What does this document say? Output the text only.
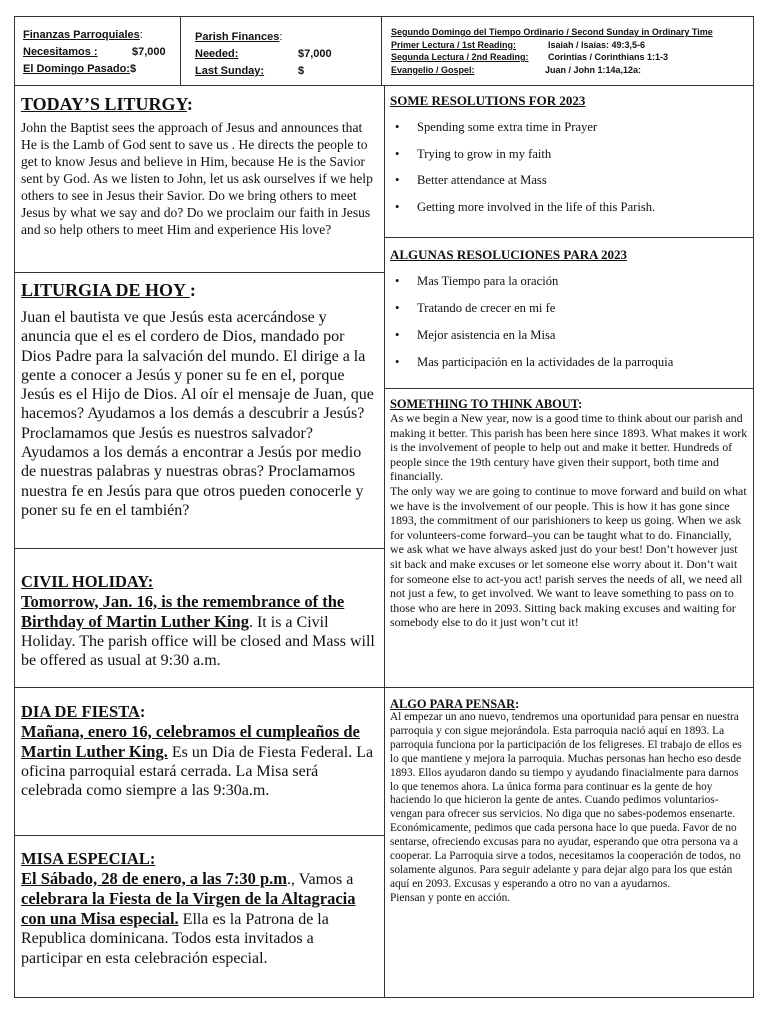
Finanzas Parroquiales:
Necesitamos :	$7,000
El Domingo Pasado: $
Parish Finances:
Needed:	$7,000
Last Sunday:	$
Segundo Domingo del Tiempo Ordinario / Second Sunday in Ordinary Time
Primer Lectura / 1st Reading:	Isaiah / Isaías: 49:3,5-6
Segunda Lectura / 2nd Reading: Corintias / Corinthians 1:1-3
Evangelio / Gospel:	Juan / John 1:14a,12a:
TODAY’S LITURGY:
John the Baptist sees the approach of Jesus and announces that He is the Lamb of God sent to save us . He directs the people to get to know Jesus and believe in Him, because He is the Savior sent by God. As we listen to John, let us ask ourselves if we help others to see in Jesus their Savior. Do we bring others to meet Jesus by what we say and do? Do we proclaim our faith in Jesus and so help others to meet Him and experience His love?
LITURGIA DE HOY :
Juan el bautista ve que Jesús esta acercándose y anuncia que el es el cordero de Dios, mandado por Dios Padre para la salvación del mundo. El dirige a la gente a conocer a Jesús y poner su fe en el, porque Jesús es el Hijo de Dios. Al oír el mensaje de Juan, que hacemos? Ayudamos a los demás a descubrir a Jesús? Proclamamos que Jesús es nuestros salvador? Ayudamos a los demás a encontrar a Jesús por medio de nuestras palabras y nuestras obras? Proclamamos nuestra fe en Jesús para que otros pueden conocerle y poner su fe en el también?
CIVIL HOLIDAY:
Tomorrow, Jan. 16, is the remembrance of the Birthday of Martin Luther King. It is a Civil Holiday. The parish office will be closed and Mass will be offered as usual at 9:30 a.m.
DIA DE FIESTA:
Mañana, enero 16, celebramos el cumpleaños de Martin Luther King. Es un Dia de Fiesta Federal. La oficina parroquial estará cerrada. La Misa será celebrada como siempre a las 9:30a.m.
MISA ESPECIAL:
El Sábado, 28 de enero, a las 7:30 p.m., Vamos a celebrara la Fiesta de la Virgen de la Altagracia con una Misa especial. Ella es la Patrona de la Republica dominicana. Todos esta invitados a participar en esta celebración especial.
SOME RESOLUTIONS FOR 2023
• Spending some extra time in Prayer
• Trying to grow in my faith
• Better attendance at Mass
• Getting more involved in the life of this Parish.
ALGUNAS RESOLUCIONES PARA 2023
• Mas Tiempo para la oración
• Tratando de crecer en mi fe
• Mejor asistencia en la Misa
• Mas participación en la actividades de la parroquia
SOMETHING TO THINK ABOUT:
As we begin a New year, now is a good time to think about our parish and making it better. This parish has been here since 1893. What makes it work is the involvement of people to help out and make it better. Hundreds of people since the 19th century have given their support, both time and financially.
The only way we are going to continue to move forward and build on what we have is the involvement of our people. This is how it has gone since 1893, the commitment of our parishioners to keep us going. When we ask for volunteers-come forward–you can be taught what to do. Financially, we ask what we have always asked just do your best! Don’t however just sit back and make excuses or let someone else worry about it. Don’t wait for someone else to act-you act! parish serves the needs of all, we need all not just a few, to get involved. We want to leave something to pass on to those who are here in 2093. Sitting back making excuses and waiting for somebody else to do it just won’t cut it!
ALGO PARA PENSAR:
Al empezar un ano nuevo, tendremos una oportunidad para pensar en nuestra parroquia y con sigue mejorándola. Esta parroquia nació aquí en 1893. La parroquia funciona por la participación de los feligreses. El trabajo de ellos es lo que mantiene y mejora la parroquia. Muchas personas han hecho eso desde 1893. Ellos ayudaron dando su tiempo y ayudando finacialmente para darnos lo que tenemos ahora. La única forma para continuar es la gente de hoy haciendo lo que hicieron la gente de antes. Cuando pedimos voluntarios-vengan para ofrecer sus servicios. No diga que no sabes-podemos ensenarte. Económicamente, pedimos que cada persona hace lo que pueda. Favor de no sentarse, ofreciendo excusas para no ayudar, esperando que otra persona va a cooperar. La Parroquia sirve a todos, necesitamos la cooperación de todos, no solamente algunos. Para seguir adelante y para dejar algo para los que están aquí en 2093. Excusas y esperando a otro no van a ayudarnos.
Piensan y ponte en acción.
